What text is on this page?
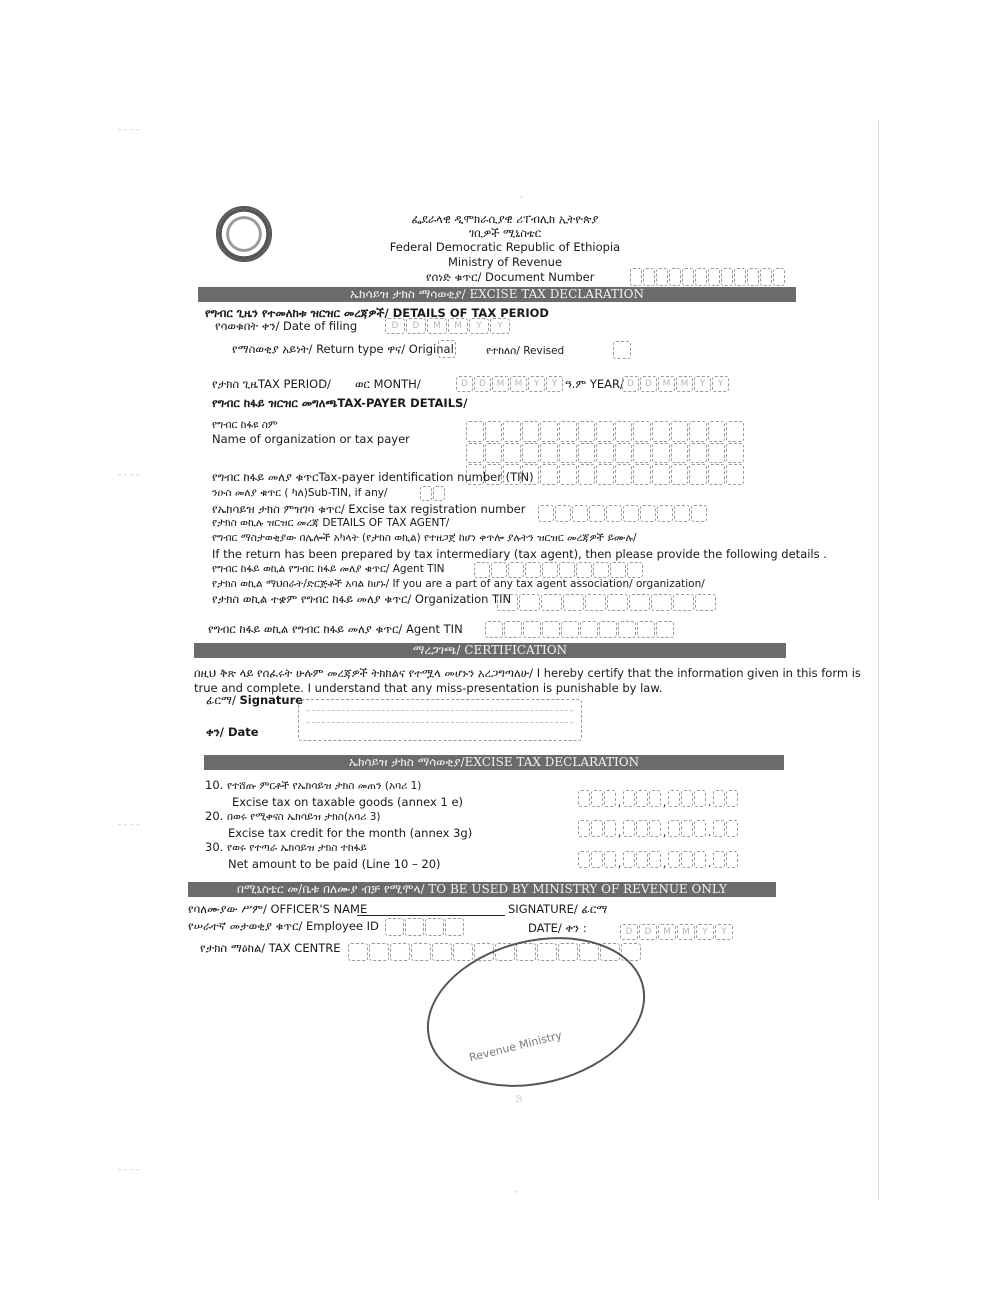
ፌደራላዊ ዲሞክራሲያዊ ሪፐብሊክ ኢትዮጵያ
ገቢዎች ሚኒስቴር
Federal Democratic Republic of Ethiopia
Ministry of Revenue
የሰነድ ቁጥር/ Document Number
ኤክሳይዝ ታክስ ማሳወቂያ/ EXCISE TAX DECLARATION
የግብር ጊዜን የተመለከቱ ዝርዝር መረጃዎች/ DETAILS OF TAX PERIOD
የሳወቁበት ቀን/ Date of filing	D	D	M	M	Y	Y
የማስወቂያ አይነት/ Return type ዋና/ Original	የተከለሰ/ Revised
የታክስ ጊዜTAX PERIOD/ ወር MONTH/	D	D	M	M	Y	Y ዓ.ም YEAR/ D	D	M	M	Y	Y
የግብር ከፋይ ዝርዝር መግለጫTAX-PAYER DETAILS/
የግብር ከፋዩ ስም
Name of organization or tax payer
የግብር ከፋይ መለያ ቁጥርTax-payer identification number (TIN)
ንዑስ መለያ ቁጥር ( ካለ)Sub-TIN, if any/
የኤክሳይዝ ታክስ ምዝገባ ቁጥር/ Excise tax registration number
የታክስ ወኪሉ ዝርዝር መረጃ DETAILS OF TAX AGENT/
የግብር ማስታወቂያው በሌሎች አካላት (የታክስ ወኪል) የተዘጋጀ ከሆነ ቀጥሎ ያሉትን ዝርዝር መረጃዎች ይሙሉ/
If the return has been prepared by tax intermediary (tax agent), then please provide the following details .
የግብር ከፋይ ወኪል የግብር ከፋይ መለያ ቁጥር/ Agent TIN
የታክስ ወኪል ማህበራት/ድርጅቶች አባል ከሆኑ/ If you are a part of any tax agent association/ organization/
የታክስ ወኪል ተቋም የግብር ከፋይ መለያ ቁጥር/ Organization TIN
የግብር ከፋይ ወኪል የግብር ከፋይ መለያ ቁጥር/ Agent TIN
ማረጋገጫ/ CERTIFICATION
በዚህ ቅጽ ላይ የሰፈሩት ሁሉም መረጃዎች ትክክልና የተሟላ መሆኑን አረጋግጣለሁ/ I hereby certify that the information given in this form is
true and complete. I understand that any miss-presentation is punishable by law.
ፊርማ/ Signature
ቀን/ Date
ኤክሳይዝ ታክስ ማሳወቂያ/EXCISE TAX DECLARATION
10. የተሸጡ ምርቶች የኤክሳይዝ ታክስ መጠን (አባሪ 1)
Excise tax on taxable goods (annex 1 e)	,	,	.
20. በወሩ የሚቀናስ ኤክሳይዝ ታክስ(አባሪ 3)
Excise tax credit for the month (annex 3g)	,	,	.
30. የወሩ የተጣራ ኤክሳይዝ ታክስ ተከፋይ
Net amount to be paid (Line 10 – 20)	,	,	.
በሚኒስቴር መ/ቤቱ በለሙያ ብቻ የሚሞላ/ TO BE USED BY MINISTRY OF REVENUE ONLY
የባለሙያው ሥም/ OFFICER'S NAME	SIGNATURE/ ፊርማ
የሠራተኛ መታወቂያ ቁጥር/ Employee ID	DATE/ ቀን :	D	D	M	M	Y	Y
የታክስ ማዕከል/ TAX CENTRE
Revenue Ministry
,
ℬ
,
- - - -
- - - -
- - - -
- - - -
